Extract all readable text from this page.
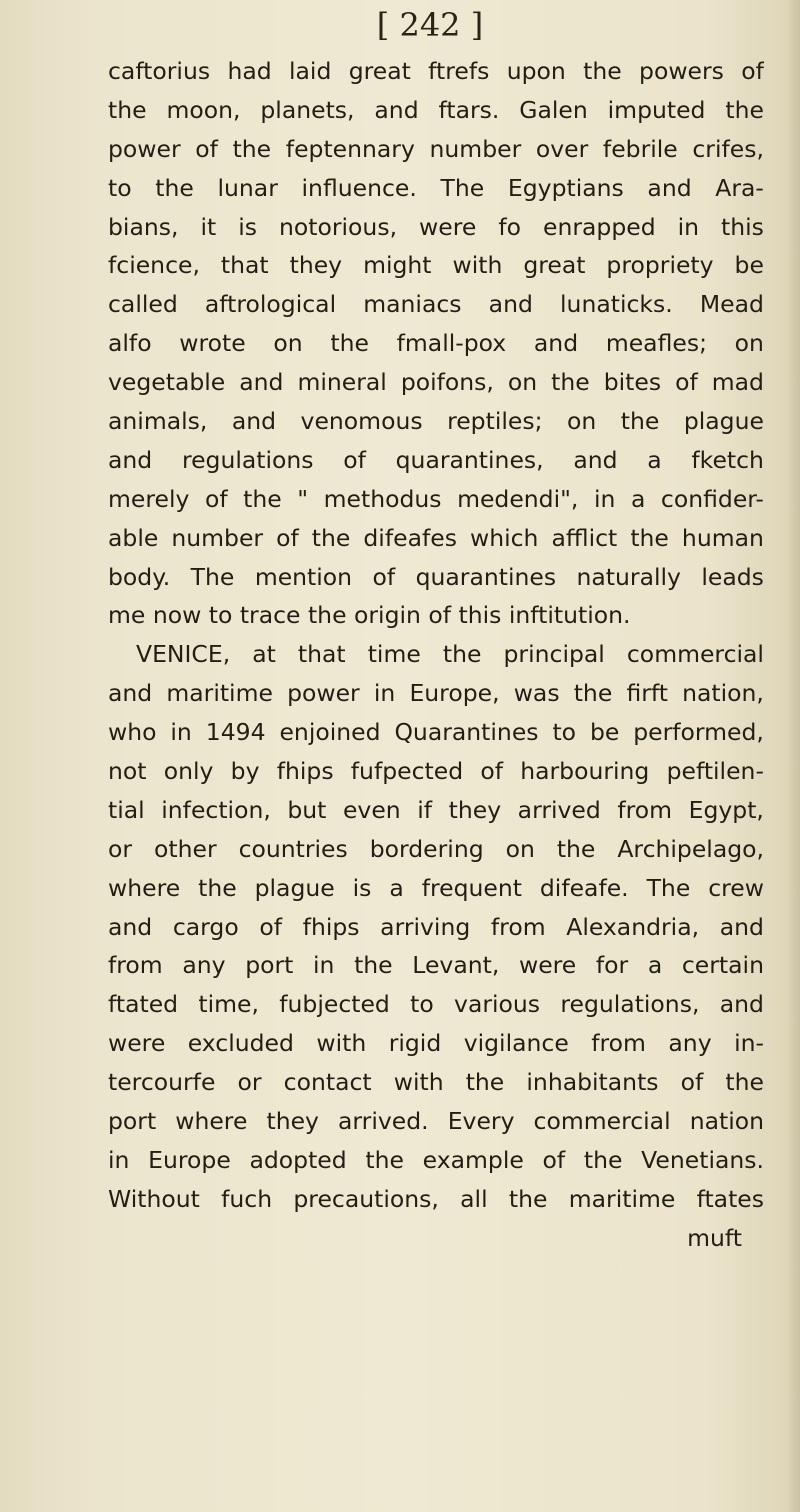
[ 242 ]
caftorius had laid great ftrefs upon the powers of
the moon, planets, and ftars. Galen imputed the
power of the feptennary number over febrile crifes,
to the lunar influence. The Egyptians and Ara-
bians, it is notorious, were fo enrapped in this
fcience, that they might with great propriety be
called aftrological maniacs and lunaticks. Mead
alfo wrote on the fmall-pox and meafles; on
vegetable and mineral poifons, on the bites of mad
animals, and venomous reptiles; on the plague
and regulations of quarantines, and a fketch
merely of the " methodus medendi", in a confider-
able number of the difeafes which afflict the human
body. The mention of quarantines naturally leads
me now to trace the origin of this inftitution.
VENICE, at that time the principal commercial
and maritime power in Europe, was the firft nation,
who in 1494 enjoined Quarantines to be performed,
not only by fhips fufpected of harbouring peftilen-
tial infection, but even if they arrived from Egypt,
or other countries bordering on the Archipelago,
where the plague is a frequent difeafe. The crew
and cargo of fhips arriving from Alexandria, and
from any port in the Levant, were for a certain
ftated time, fubjected to various regulations, and
were excluded with rigid vigilance from any in-
tercourfe or contact with the inhabitants of the
port where they arrived. Every commercial nation
in Europe adopted the example of the Venetians.
Without fuch precautions, all the maritime ftates
muft
